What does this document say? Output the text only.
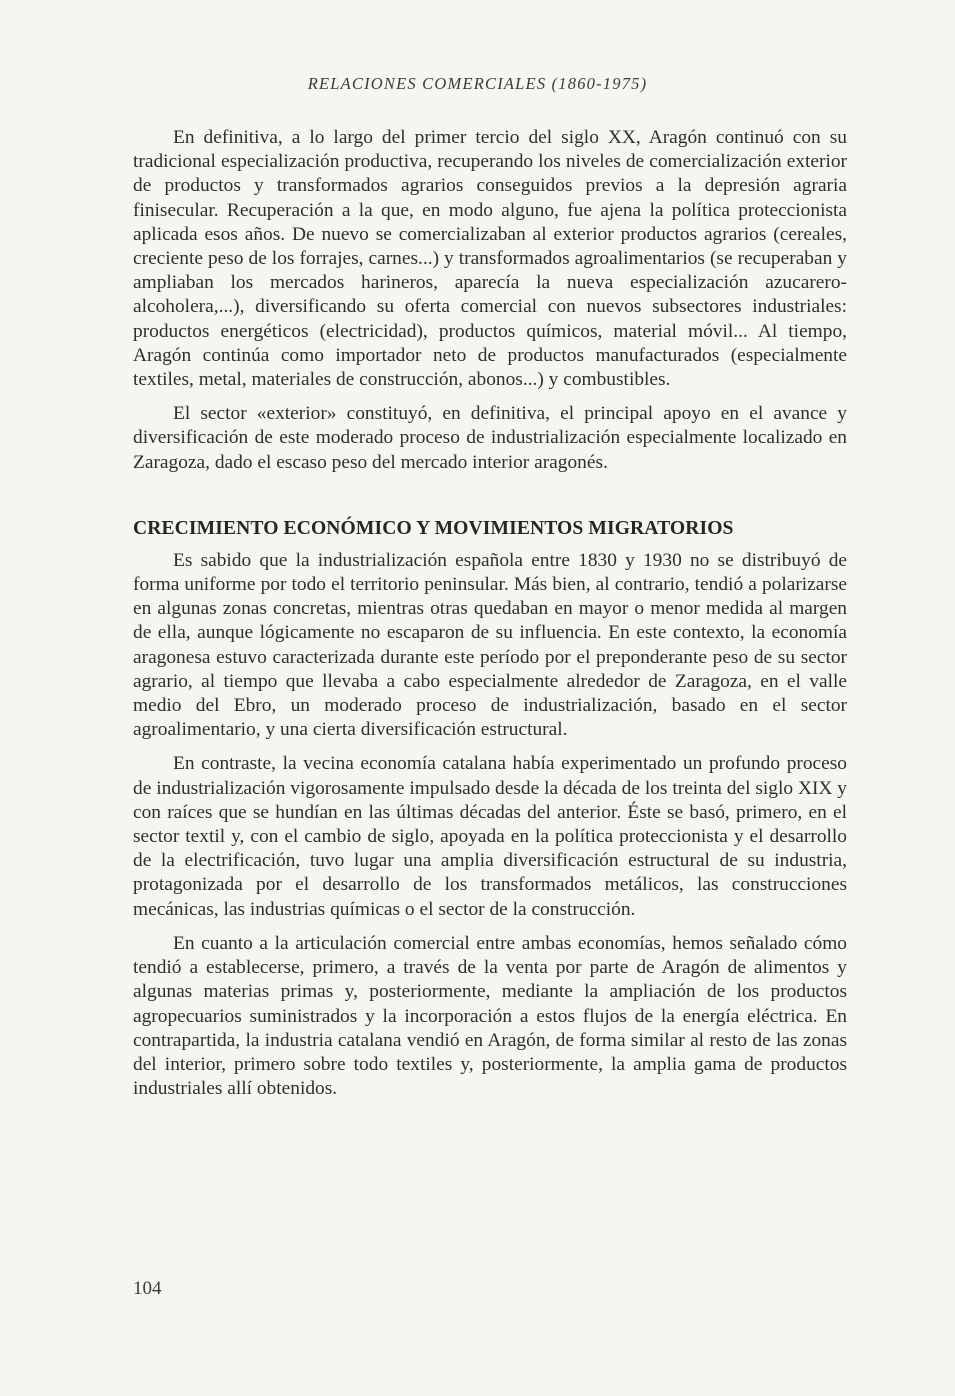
RELACIONES COMERCIALES (1860-1975)

En definitiva, a lo largo del primer tercio del siglo XX, Aragón continuó con su tradicional especialización productiva, recuperando los niveles de comercialización exterior de productos y transformados agrarios conseguidos previos a la depresión agraria finisecular. Recuperación a la que, en modo alguno, fue ajena la política proteccionista aplicada esos años. De nuevo se comercializaban al exterior productos agrarios (cereales, creciente peso de los forrajes, carnes...) y transformados agroalimentarios (se recuperaban y ampliaban los mercados harineros, aparecía la nueva especialización azucarero-alcoholera,...), diversificando su oferta comercial con nuevos subsectores industriales: productos energéticos (electricidad), productos químicos, material móvil... Al tiempo, Aragón continúa como importador neto de productos manufacturados (especialmente textiles, metal, materiales de construcción, abonos...) y combustibles.

El sector «exterior» constituyó, en definitiva, el principal apoyo en el avance y diversificación de este moderado proceso de industrialización especialmente localizado en Zaragoza, dado el escaso peso del mercado interior aragonés.

CRECIMIENTO ECONÓMICO Y MOVIMIENTOS MIGRATORIOS

Es sabido que la industrialización española entre 1830 y 1930 no se distribuyó de forma uniforme por todo el territorio peninsular. Más bien, al contrario, tendió a polarizarse en algunas zonas concretas, mientras otras quedaban en mayor o menor medida al margen de ella, aunque lógicamente no escaparon de su influencia. En este contexto, la economía aragonesa estuvo caracterizada durante este período por el preponderante peso de su sector agrario, al tiempo que llevaba a cabo especialmente alrededor de Zaragoza, en el valle medio del Ebro, un moderado proceso de industrialización, basado en el sector agroalimentario, y una cierta diversificación estructural.

En contraste, la vecina economía catalana había experimentado un profundo proceso de industrialización vigorosamente impulsado desde la década de los treinta del siglo XIX y con raíces que se hundían en las últimas décadas del anterior. Éste se basó, primero, en el sector textil y, con el cambio de siglo, apoyada en la política proteccionista y el desarrollo de la electrificación, tuvo lugar una amplia diversificación estructural de su industria, protagonizada por el desarrollo de los transformados metálicos, las construcciones mecánicas, las industrias químicas o el sector de la construcción.

En cuanto a la articulación comercial entre ambas economías, hemos señalado cómo tendió a establecerse, primero, a través de la venta por parte de Aragón de alimentos y algunas materias primas y, posteriormente, mediante la ampliación de los productos agropecuarios suministrados y la incorporación a estos flujos de la energía eléctrica. En contrapartida, la industria catalana vendió en Aragón, de forma similar al resto de las zonas del interior, primero sobre todo textiles y, posteriormente, la amplia gama de productos industriales allí obtenidos.

104
